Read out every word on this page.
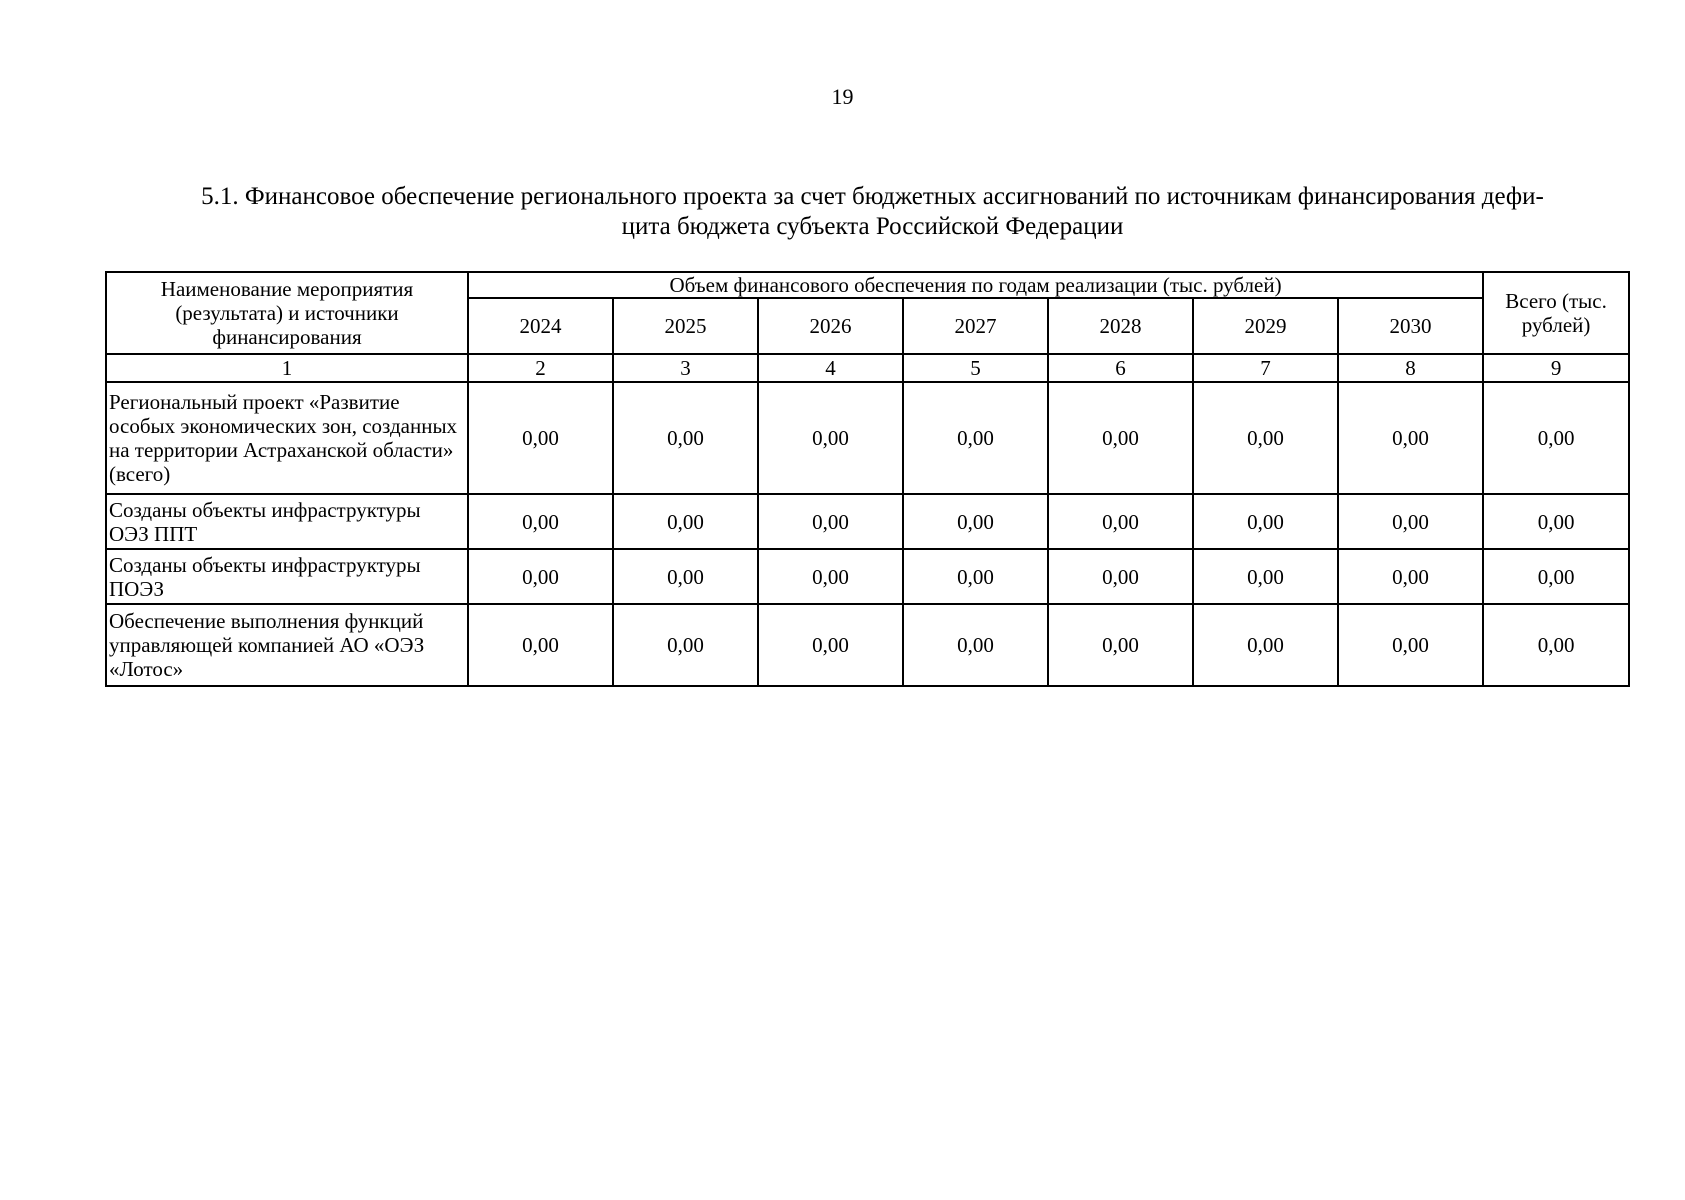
19
5.1. Финансовое обеспечение регионального проекта за счет бюджетных ассигнований по источникам финансирования дефи-
цита бюджета субъекта Российской Федерации
Наименование мероприятия (результата) и источники финансирования	Объем финансового обеспечения по годам реализации (тыс. рублей)							Всего (тыс. рублей)
	2024	2025	2026	2027	2028	2029	2030	
1	2	3	4	5	6	7	8	9
Региональный проект «Развитие особых экономических зон, созданных на территории Астраханской области» (всего)	0,00	0,00	0,00	0,00	0,00	0,00	0,00	0,00
Созданы объекты инфраструктуры ОЭЗ ППТ	0,00	0,00	0,00	0,00	0,00	0,00	0,00	0,00
Созданы объекты инфраструктуры ПОЭЗ	0,00	0,00	0,00	0,00	0,00	0,00	0,00	0,00
Обеспечение выполнения функций управляющей компанией АО «ОЭЗ «Лотос»	0,00	0,00	0,00	0,00	0,00	0,00	0,00	0,00
